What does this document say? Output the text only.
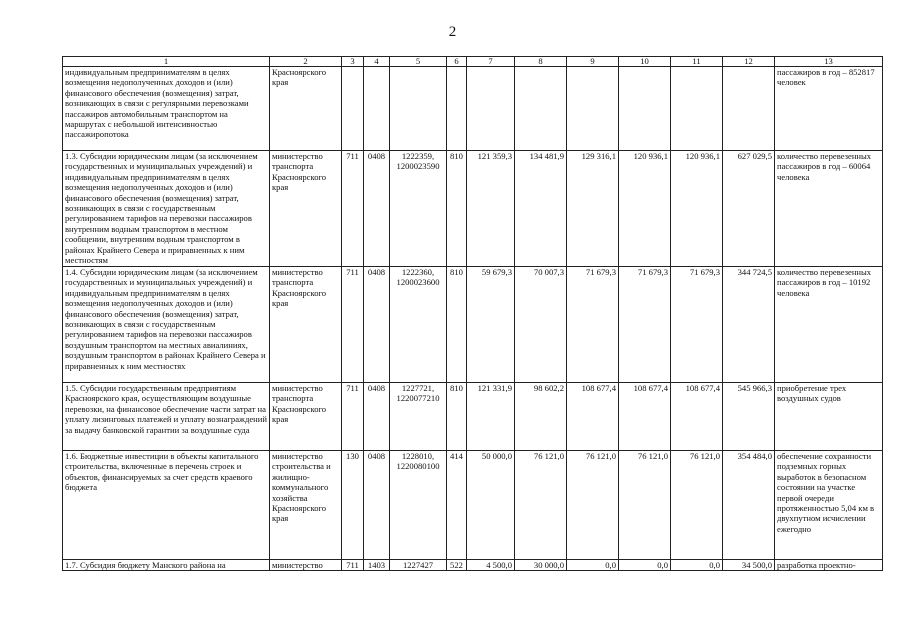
2
1	2	3	4	5	6	7	8	9	10	11	12	13
индивидуальным предпринимателям в целях возмещения недополученных доходов и (или) финансового обеспечения (возмещения) затрат, возникающих в связи с регулярными перевозками пассажиров автомобильным транспортом на маршрутах с небольшой интенсивностью пассажиропотока	Красноярского края											пассажиров в год – 852817 человек
1.3. Субсидии юридическим лицам (за исключением государственных и муниципальных учреждений) и индивидуальным предпринимателям в целях возмещения недополученных доходов и (или) финансового обеспечения (возмещения) затрат, возникающих в связи с государственным регулированием тарифов на перевозки пассажиров внутренним водным транспортом в местном сообщении, внутренним водным транспортом в районах Крайнего Севера и приравненных к ним местностям	министерство транспорта Красноярского края	711	0408	1222359, 1200023590	810	121 359,3	134 481,9	129 316,1	120 936,1	120 936,1	627 029,5	количество перевезенных пассажиров в год – 60064 человека
1.4. Субсидии юридическим лицам (за исключением государственных и муниципальных учреждений) и индивидуальным предпринимателям в целях возмещения недополученных доходов и (или) финансового обеспечения (возмещения) затрат, возникающих в связи с государственным регулированием тарифов на перевозки пассажиров воздушным транспортом на местных авиалиниях, воздушным транспортом в районах Крайнего Севера и приравненных к ним местностях	министерство транспорта Красноярского края	711	0408	1222360, 1200023600	810	59 679,3	70 007,3	71 679,3	71 679,3	71 679,3	344 724,5	количество перевезенных пассажиров в год – 10192 человека
1.5. Субсидии государственным предприятиям Красноярского края, осуществляющим воздушные перевозки, на финансовое обеспечение части затрат на уплату лизинговых платежей и уплату вознаграждений за выдачу банковской гарантии за воздушные суда	министерство транспорта Красноярского края	711	0408	1227721, 1220077210	810	121 331,9	98 602,2	108 677,4	108 677,4	108 677,4	545 966,3	приобретение трех воздушных судов
1.6. Бюджетные инвестиции в объекты капитального строительства, включенные в перечень строек и объектов, финансируемых за счет средств краевого бюджета	министерство строительства и жилищно-коммунального хозяйства Красноярского края	130	0408	1228010, 1220080100	414	50 000,0	76 121,0	76 121,0	76 121,0	76 121,0	354 484,0	обеспечение сохранности подземных горных выработок в безопасном состоянии на участке первой очереди протяженностью 5,04 км в двухпутном исчислении ежегодно
1.7. Субсидия бюджету Манского района на	министерство	711	1403	1227427	522	4 500,0	30 000,0	0,0	0,0	0,0	34 500,0	разработка проектно-
